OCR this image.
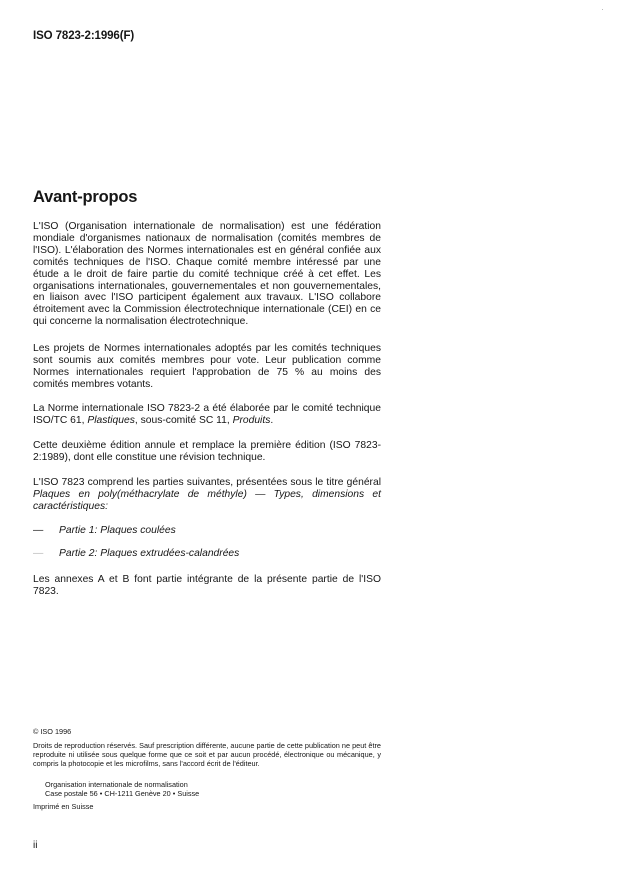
ISO 7823-2:1996(F)
·
Avant-propos

L'ISO (Organisation internationale de normalisation) est une fédération mondiale d'organismes nationaux de normalisation (comités membres de l'ISO). L'élaboration des Normes internationales est en général confiée aux comités techniques de l'ISO. Chaque comité membre intéressé par une étude a le droit de faire partie du comité technique créé à cet effet. Les organisations internationales, gouvernementales et non gouvernementales, en liaison avec l'ISO participent également aux travaux. L'ISO collabore étroitement avec la Commission électrotechnique internationale (CEI) en ce qui concerne la normalisation électrotechnique.

Les projets de Normes internationales adoptés par les comités techniques sont soumis aux comités membres pour vote. Leur publication comme Normes internationales requiert l'approbation de 75 % au moins des comités membres votants.

La Norme internationale ISO 7823-2 a été élaborée par le comité technique ISO/TC 61, Plastiques, sous-comité SC 11, Produits.

Cette deuxième édition annule et remplace la première édition (ISO 7823-2:1989), dont elle constitue une révision technique.

L'ISO 7823 comprend les parties suivantes, présentées sous le titre général Plaques en poly(méthacrylate de méthyle) — Types, dimensions et caractéristiques:

— Partie 1: Plaques coulées

— Partie 2: Plaques extrudées-calandrées

Les annexes A et B font partie intégrante de la présente partie de l'ISO 7823.

© ISO 1996

Droits de reproduction réservés. Sauf prescription différente, aucune partie de cette publication ne peut être reproduite ni utilisée sous quelque forme que ce soit et par aucun procédé, électronique ou mécanique, y compris la photocopie et les microfilms, sans l'accord écrit de l'éditeur.

Organisation internationale de normalisation

Case postale 56 • CH-1211 Genève 20 • Suisse

Imprimé en Suisse

ii
